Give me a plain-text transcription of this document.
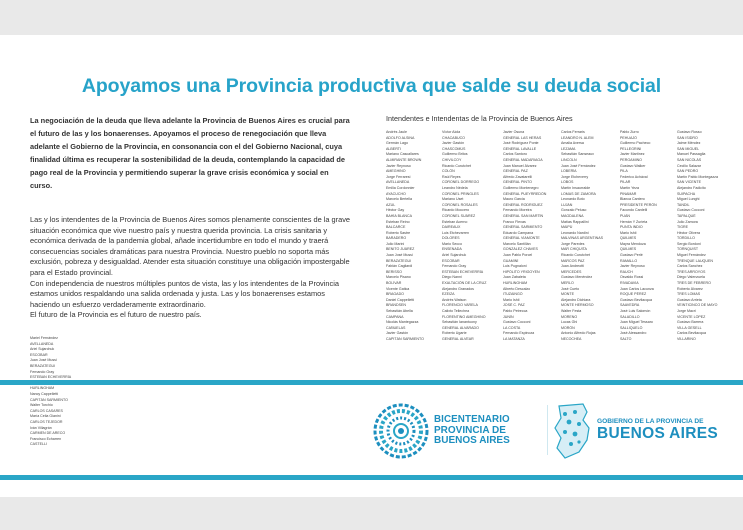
Apoyamos una Provincia productiva que salde su deuda social
La negociación de la deuda que lleva adelante la Provincia de Buenos Aires es crucial para el futuro de las y los bonaerenses. Apoyamos el proceso de renegociación que lleva adelante el Gobierno de la Provincia, en consonancia con el del Gobierno Nacional, cuya finalidad última es recuperar la sostenibilidad de la deuda, contemplando la capacidad de pago real de la Provincia y permitiendo superar la grave crisis económica y social en curso.

Las y los intendentes de la Provincia de Buenos Aires somos plenamente conscientes de la grave situación económica que vive nuestro país y nuestra querida provincia. La crisis sanitaria y económica derivada de la pandemia global, añade incertidumbre en todo el mundo y traerá consecuencias sociales dramáticas para nuestra Provincia. Nuestro pueblo no soporta más exclusión, pobreza y desigualdad. Atender esta situación constituye una obligación impostergable para el Estado provincial.

Con independencia de nuestros múltiples puntos de vista, las y los intendentes de la Provincia estamos unidos respaldando una salida ordenada y justa. Las y los bonaerenses estamos haciendo un esfuerzo verdaderamente extraordinario.

El futuro de la Provincia es el futuro de nuestro país.

Mariel Fernández
AVELLANEDA
Ariel Sujarchuk
ESCOBAR
Juan José Mussi
BERAZATEGUI
Fernando Gray
ESTEBAN ECHEVERRÍA
HURLINGHAM
Nancy Cappelletti
CAPITÁN SARMIENTO
Walter Torchio
CARLOS CASARES
María Celia Gianini
CARLOS TEJEDOR
Iván Villagrán
CARMEN DE ARECO
Francisco Echarren
CASTELLI
Intendentes e Intendentas de la Provincia de Buenos Aires
Andrés Jaule
ADOLFO ALSINA
Germán Lago
ALBERTI
Mariano Cascallares
ALMIRANTE BROWN
Javier Reynoso
AMEGHINO
Jorge Ferraresi
AVELLANEDA
Emilia Cordonnier
AYACUCHO
Marcelo Bertella
AZUL
Héctor Gay
BAHÍA BLANCA
Esteban Reino
BALCARCE
Roberto Sastre
BARADERO
Julio Marini
BENITO JUÁREZ
Juan José Mussi
BERAZATEGUI
Fabián Cagliardi
BERISSO
Marcelo Pisano
BOLÍVAR
Vicente Gatica
BRAGADO
Daniel Cappelletti
BRANDSEN
Sebastián Abella
CAMPANA
Nicolás Mantegazza
CAÑUELAS
Javier Gastón
CAPITÁN SARMIENTO
Víctor Aiola
CHACABUCO
Javier Gastón
CHASCOMÚS
Guillermo Britos
CHIVILCOY
Ricardo Curutchet
COLÓN
Raúl Reyes
CORONEL DORREGO
Leandro Nédela
CORONEL PRINGLES
Mariano Uset
CORONEL ROSALES
Ricardo Moccero
CORONEL SUÁREZ
Esteban Acerno
DAIREAUX
Luis Etchevarren
DOLORES
Mario Secco
ENSENADA
Ariel Sujarchuk
ESCOBAR
Fernando Gray
ESTEBAN ECHEVERRÍA
Diego Nanni
EXALTACIÓN DE LA CRUZ
Alejandro Granados
EZEIZA
Andrés Watson
FLORENCIO VARELA
Calixto Tellechea
FLORENTINO AMEGHINO
Sebastián Ianantuony
GENERAL ALVARADO
Roberto Ugarte
GENERAL ALVEAR
Javier Osuna
GENERAL LAS HERAS
José Rodríguez Ponte
GENERAL LAVALLE
Carlos Santoro
GENERAL MADARIAGA
Juan Manuel Álvarez
GENERAL PAZ
Alfredo Zavatarelli
GENERAL PINTO
Guillermo Montenegro
GENERAL PUEYRREDÓN
Mauro Garcia
GENERAL RODRÍGUEZ
Fernando Moreira
GENERAL SAN MARTÍN
Franco Flexas
GENERAL SARMIENTO
Eduardo Campana
GENERAL VIAMONTE
Marcelo Santillán
GONZÁLEZ CHAVES
Juan Pablo Porcel
GUAMINÍ
Luis Pugnaloni
HIPÓLITO YRIGOYEN
Juan Zabaleta
HURLINGHAM
Alberto Descalzo
ITUZAINGÓ
Mario Ishii
JOSÉ C. PAZ
Pablo Petrecca
JUNÍN
Gustavo Cocconi
LA COSTA
Fernando Espinoza
LA MATANZA
Carlos Ferraris
LEANDRO N. ALEM
Amalia Aversa
LEZAMA
Sebastián Sanseaux
LINCOLN
Juan José Fernández
LOBERÍA
Jorge Etcheverry
LOBOS
Martín Insaurralde
LOMAS DE ZAMORA
Leonardo Boto
LUJÁN
Gonzalo Peluso
MAGDALENA
Matías Rappallini
MAIPÚ
Leonardo Nardini
MALVINAS ARGENTINAS
Jorge Paredes
MAR CHIQUITA
Ricardo Curutchet
MARCOS PAZ
Juan Andreotti
MERCEDES
Gustavo Menéndez
MERLO
José Cueto
MONTE
Alejandro Dichiara
MONTE HERMOSO
Walter Festa
MORENO
Lucas Ghi
MORÓN
Antonio Alfredo Rojas
NECOCHEA
Pablo Zurro
PEHUAJÓ
Guillermo Pacheco
PELLEGRINI
Javier Martínez
PERGAMINO
Gustavo Walker
PILA
Federico Achával
PILAR
Martín Yeza
PINAMAR
Blanca Cantero
PRESIDENTE PERÓN
Facundo Cardelli
PUÁN
Hernán Y Zurieta
PUNTA INDIO
Mario Ishii
QUILMES
Mayra Mendoza
QUILMES
Gustavo Perié
RAMALLO
Javier Reynoso
RAUCH
Osvaldo Rossi
RIVADAVIA
Juan Carlos Lacunza
ROQUE PÉREZ
Gustavo Bevilacqua
SAAVEDRA
José Luis Salomón
SALADILLO
Juan Miguel Tessaro
SALLIQUELÓ
José Alessandro
SALTO
Gustavo Rosso
SAN ISIDRO
Jaime Méndez
SAN MIGUEL
Manuel Passaglia
SAN NICOLÁS
Cecilio Salazar
SAN PEDRO
Martín Pablo Montegazza
SAN VICENTE
Alejandro Fadicito
SUIPACHA
Miguel Lunghi
TANDIL
Gustavo Cocconi
TAPALQUÉ
Julio Zamora
TIGRE
Héctor Olivera
TORDILLO
Sergio Bordoni
TORNQUIST
Miguel Fernández
TRENQUE LAUQUEN
Carlos Sanchez
TRES ARROYOS
Diego Valenzuela
TRES DE FEBRERO
Roberto Álvarez
TRES LOMAS
Gustavo Arrieta
VEINTICINCO DE MAYO
Jorge Macri
VICENTE LÓPEZ
Gustavo Barrera
VILLA GESELL
Carlos Bevilacqua
VILLARINO
BICENTENARIO
PROVINCIA DE
BUENOS AIRES
GOBIERNO DE LA PROVINCIA DE
BUENOS AIRES
